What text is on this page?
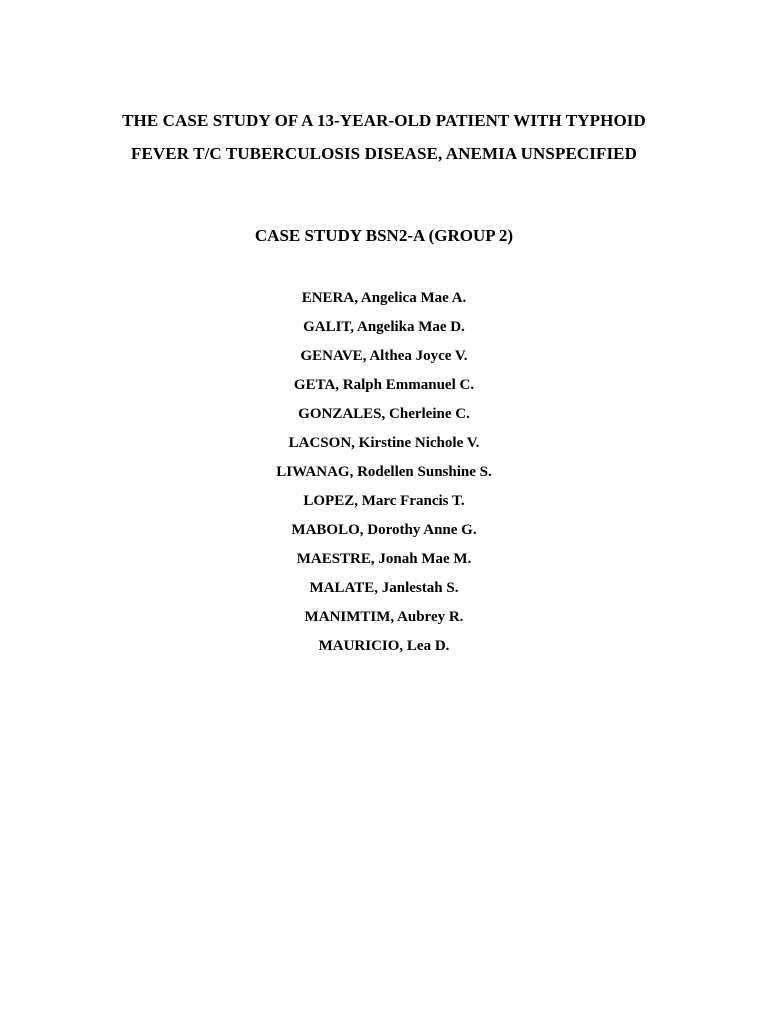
THE CASE STUDY OF A 13-YEAR-OLD PATIENT WITH TYPHOID
FEVER T/C TUBERCULOSIS DISEASE, ANEMIA UNSPECIFIED
CASE STUDY BSN2-A (GROUP 2)
ENERA, Angelica Mae A.
GALIT, Angelika Mae D.
GENAVE, Althea Joyce V.
GETA, Ralph Emmanuel C.
GONZALES, Cherleine C.
LACSON, Kirstine Nichole V.
LIWANAG, Rodellen Sunshine S.
LOPEZ, Marc Francis T.
MABOLO, Dorothy Anne G.
MAESTRE, Jonah Mae M.
MALATE, Janlestah S.
MANIMTIM, Aubrey R.
MAURICIO, Lea D.
